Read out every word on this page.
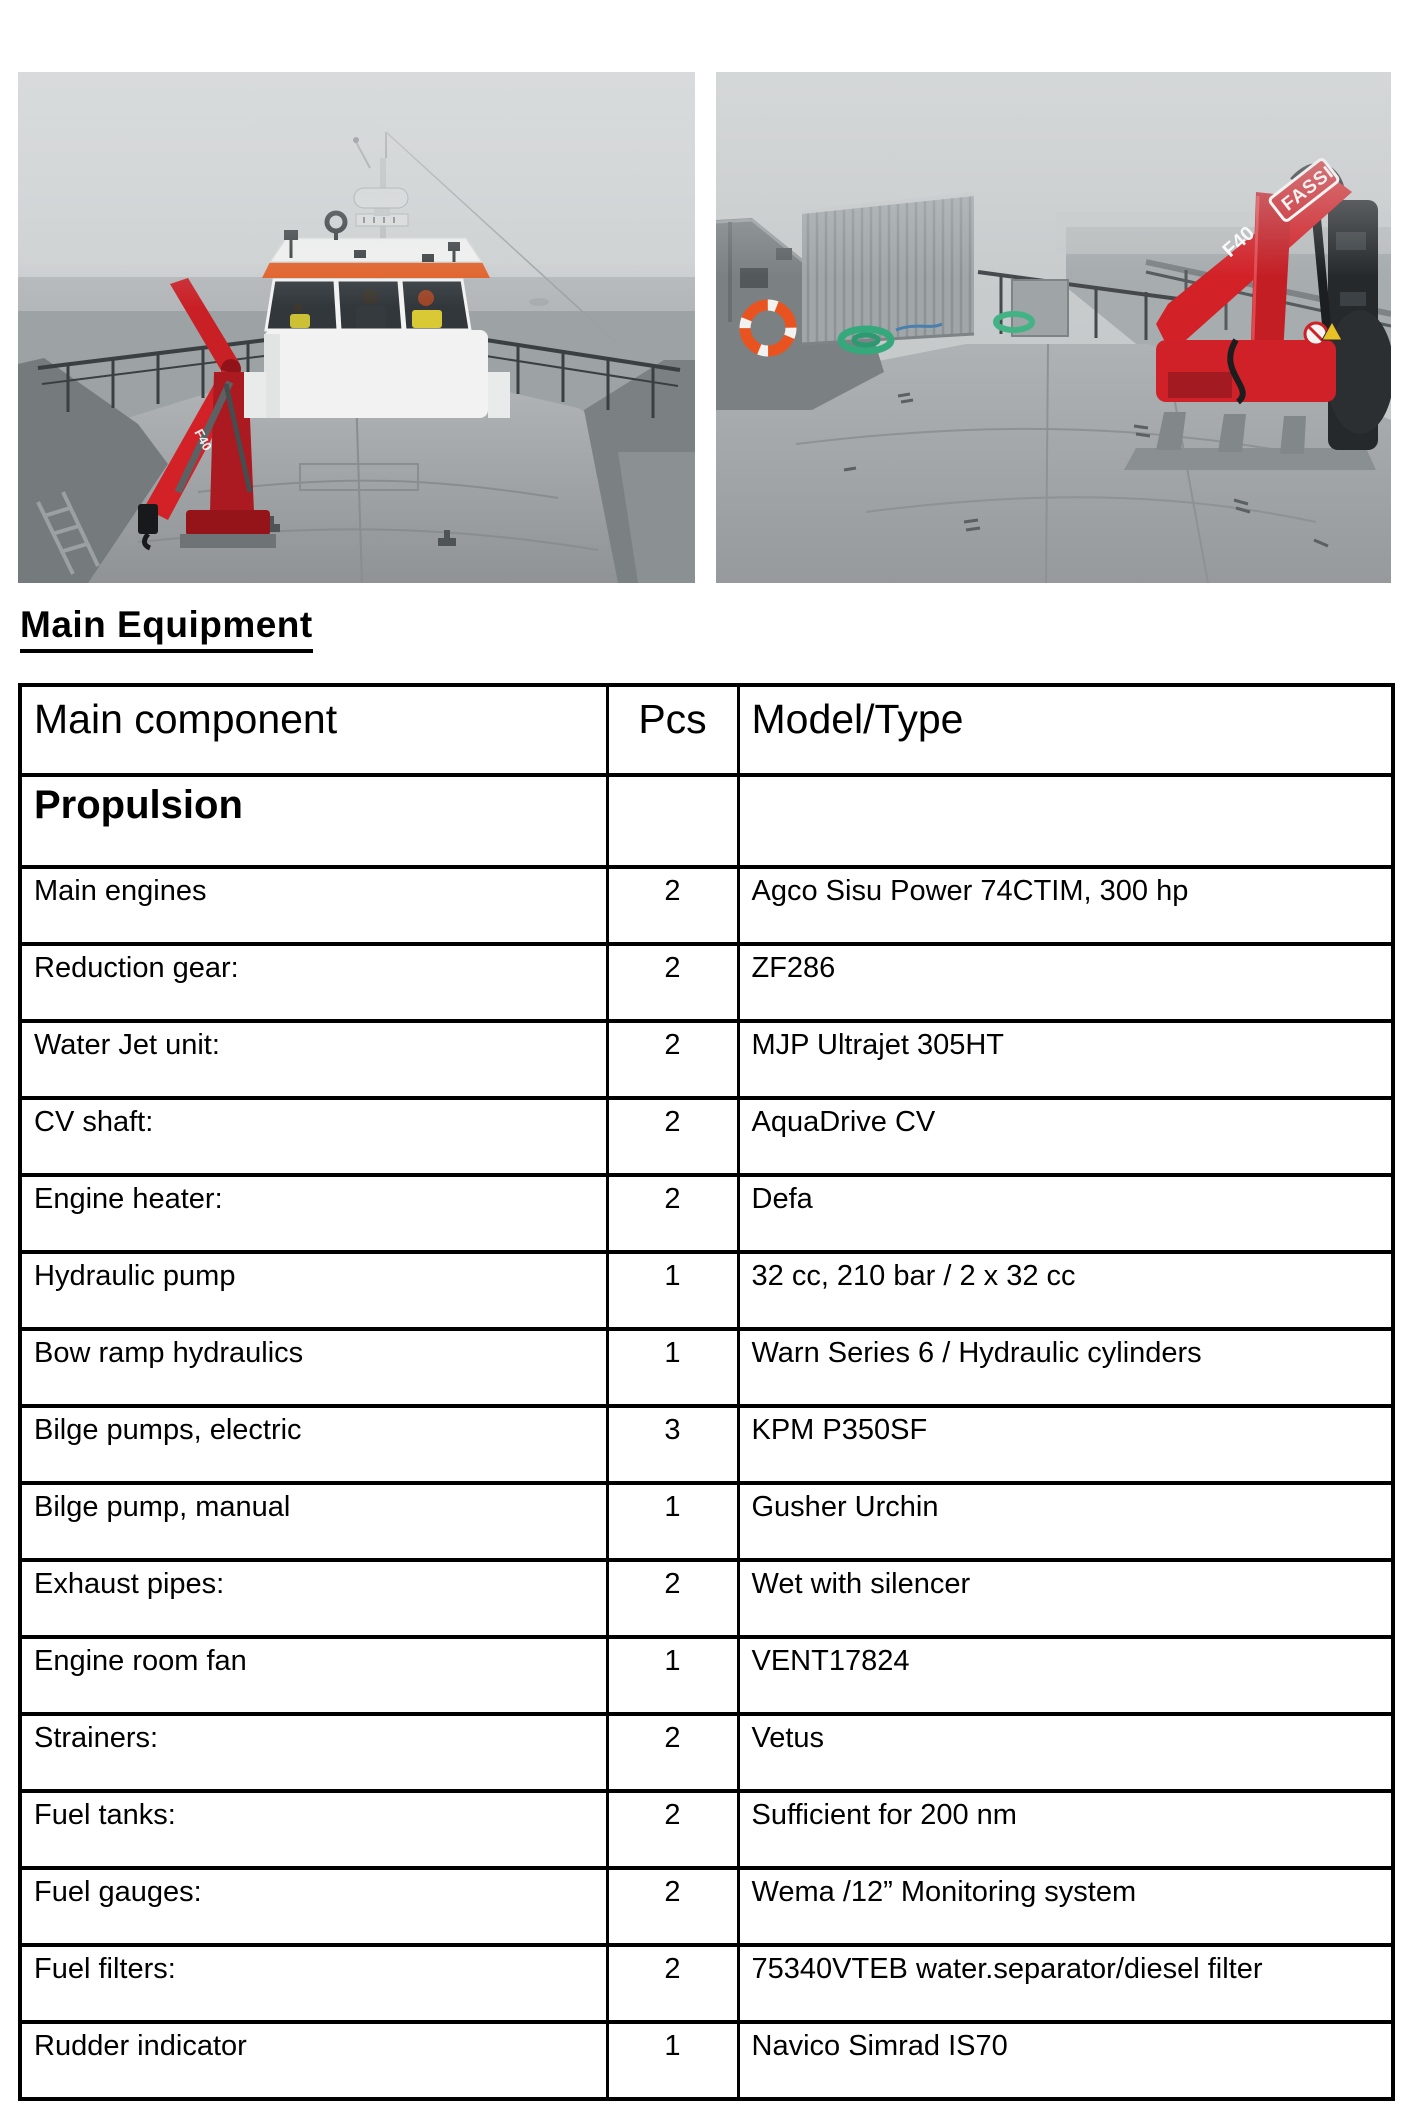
F40
Main Equipment
Main component	Pcs	Model/Type
Propulsion		
Main engines	2	Agco Sisu Power 74CTIM, 300 hp
Reduction gear:	2	ZF286
Water Jet unit:	2	MJP Ultrajet 305HT
CV shaft:	2	AquaDrive CV
Engine heater:	2	Defa
Hydraulic pump	1	32 cc, 210 bar / 2 x 32 cc
Bow ramp hydraulics	1	Warn Series 6 / Hydraulic cylinders
Bilge pumps, electric	3	KPM P350SF
Bilge pump, manual	1	Gusher Urchin
Exhaust pipes:	2	Wet with silencer
Engine room fan	1	VENT17824
Strainers:	2	Vetus
Fuel tanks:	2	Sufficient for 200 nm
Fuel gauges:	2	Wema /12” Monitoring system
Fuel filters:	2	75340VTEB water.separator/diesel filter
Rudder indicator	1	Navico Simrad IS70
